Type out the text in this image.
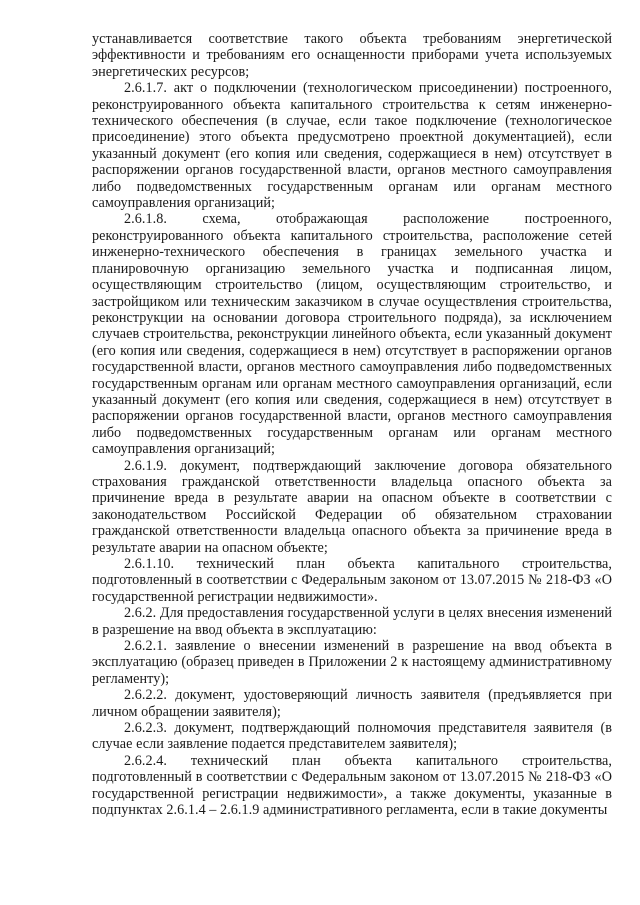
устанавливается соответствие такого объекта требованиям энергетической эффективности и требованиям его оснащенности приборами учета используемых энергетических ресурсов;

2.6.1.7. акт о подключении (технологическом присоединении) построенного, реконструированного объекта капитального строительства к сетям инженерно-технического обеспечения (в случае, если такое подключение (технологическое присоединение) этого объекта предусмотрено проектной документацией), если указанный документ (его копия или сведения, содержащиеся в нем) отсутствует в распоряжении органов государственной власти, органов местного самоуправления либо подведомственных государственным органам или органам местного самоуправления организаций;

2.6.1.8. схема, отображающая расположение построенного, реконструированного объекта капитального строительства, расположение сетей инженерно-технического обеспечения в границах земельного участка и планировочную организацию земельного участка и подписанная лицом, осуществляющим строительство (лицом, осуществляющим строительство, и застройщиком или техническим заказчиком в случае осуществления строительства, реконструкции на основании договора строительного подряда), за исключением случаев строительства, реконструкции линейного объекта, если указанный документ (его копия или сведения, содержащиеся в нем) отсутствует в распоряжении органов государственной власти, органов местного самоуправления либо подведомственных государственным органам или органам местного самоуправления организаций, если указанный документ (его копия или сведения, содержащиеся в нем) отсутствует в распоряжении органов государственной власти, органов местного самоуправления либо подведомственных государственным органам или органам местного самоуправления организаций;

2.6.1.9. документ, подтверждающий заключение договора обязательного страхования гражданской ответственности владельца опасного объекта за причинение вреда в результате аварии на опасном объекте в соответствии с законодательством Российской Федерации об обязательном страховании гражданской ответственности владельца опасного объекта за причинение вреда в результате аварии на опасном объекте;

2.6.1.10. технический план объекта капитального строительства, подготовленный в соответствии с Федеральным законом от 13.07.2015 № 218-ФЗ «О государственной регистрации недвижимости».

2.6.2. Для предоставления государственной услуги в целях внесения изменений в разрешение на ввод объекта в эксплуатацию:

2.6.2.1. заявление о внесении изменений в разрешение на ввод объекта в эксплуатацию (образец приведен в Приложении 2 к настоящему административному регламенту);

2.6.2.2. документ, удостоверяющий личность заявителя (предъявляется при личном обращении заявителя);

2.6.2.3. документ, подтверждающий полномочия представителя заявителя (в случае если заявление подается представителем заявителя);

2.6.2.4. технический план объекта капитального строительства, подготовленный в соответствии с Федеральным законом от 13.07.2015 № 218-ФЗ «О государственной регистрации недвижимости», а также документы, указанные в подпунктах 2.6.1.4 – 2.6.1.9 административного регламента, если в такие документы
